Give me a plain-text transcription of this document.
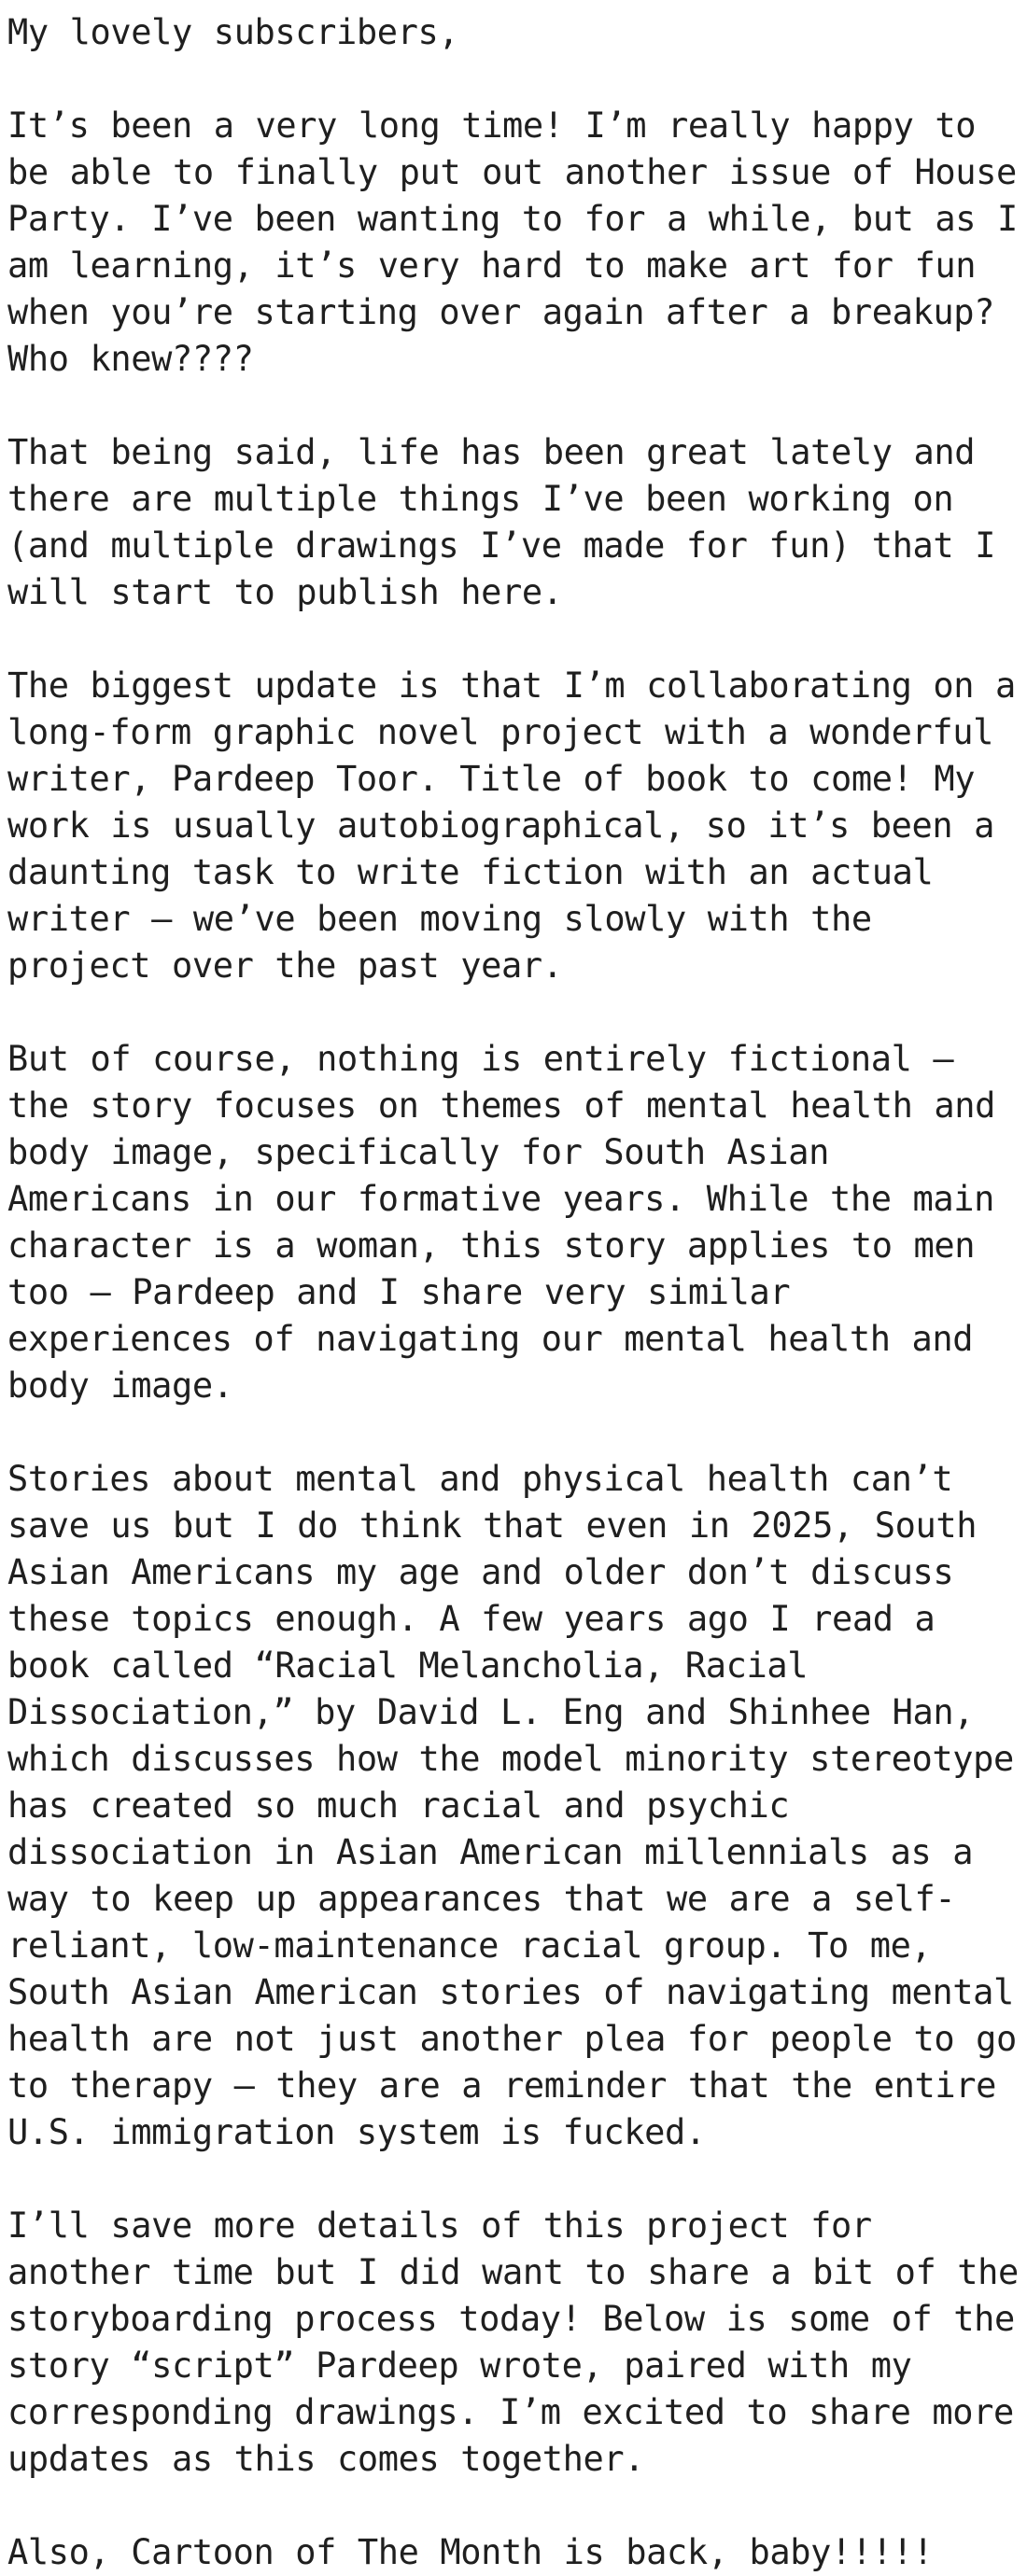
My lovely subscribers,

It’s been a very long time! I’m really happy to be able to finally put out another issue of House Party. I’ve been wanting to for a while, but as I am learning, it’s very hard to make art for fun when you’re starting over again after a breakup? Who knew????

That being said, life has been great lately and there are multiple things I’ve been working on (and multiple drawings I’ve made for fun) that I will start to publish here.

The biggest update is that I’m collaborating on a long-form graphic novel project with a wonderful writer, Pardeep Toor. Title of book to come! My work is usually autobiographical, so it’s been a daunting task to write fiction with an actual writer – we’ve been moving slowly with the project over the past year.

But of course, nothing is entirely fictional – the story focuses on themes of mental health and body image, specifically for South Asian Americans in our formative years. While the main character is a woman, this story applies to men too – Pardeep and I share very similar experiences of navigating our mental health and body image.

Stories about mental and physical health can’t save us but I do think that even in 2025, South Asian Americans my age and older don’t discuss these topics enough. A few years ago I read a book called “Racial Melancholia, Racial Dissociation,” by David L. Eng and Shinhee Han, which discusses how the model minority stereotype has created so much racial and psychic dissociation in Asian American millennials as a way to keep up appearances that we are a self-reliant, low-maintenance racial group. To me, South Asian American stories of navigating mental health are not just another plea for people to go to therapy – they are a reminder that the entire U.S. immigration system is fucked.

I’ll save more details of this project for another time but I did want to share a bit of the storyboarding process today! Below is some of the story “script” Pardeep wrote, paired with my corresponding drawings. I’m excited to share more updates as this comes together.

Also, Cartoon of The Month is back, baby!!!!!
